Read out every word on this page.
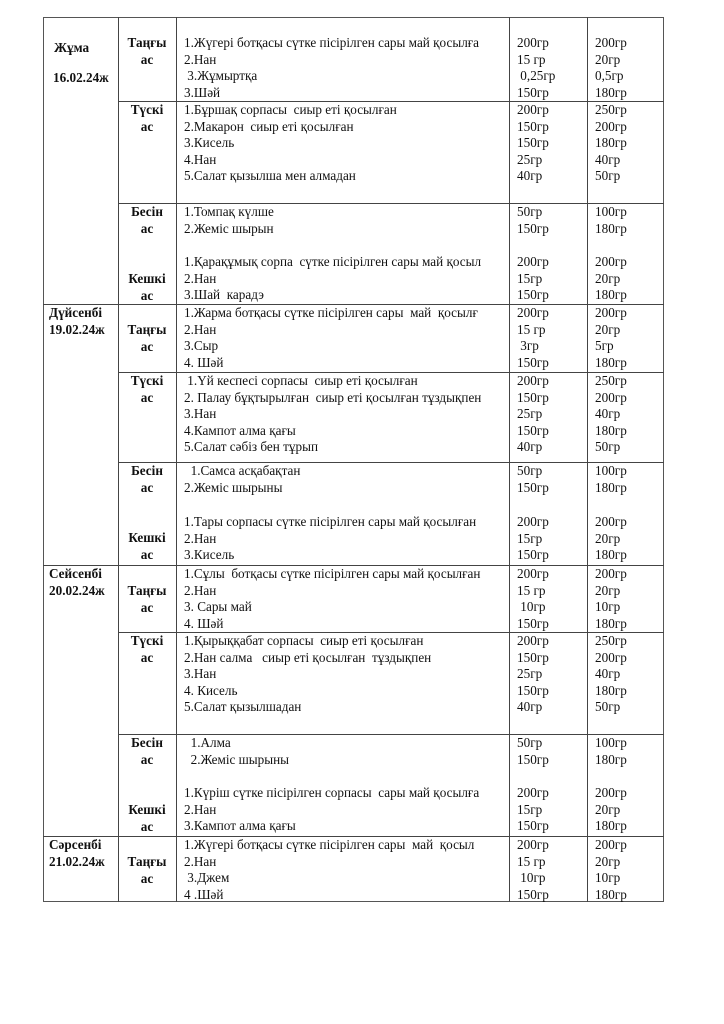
Жұма
16.02.24ж
Таңғы
ас
1.Жүгері ботқасы сүтке пісірілген сары май қосылға	200гр	200гр
2.Нан	15 гр	20гр
3.Жұмыртқа	0,25гр	0,5гр
3.Шәй	150гр	180гр
Түскі
ас
1.Бұршақ сорпасы  сиыр еті қосылған	200гр	250гр
2.Макарон  сиыр еті қосылған	150гр	200гр
3.Кисель	150гр	180гр
4.Нан	25гр	40гр
5.Салат қызылша мен алмадан	40гр	50гр
Бесін
ас
1.Томпақ күлше	50гр	100гр
2.Жеміс шырын	150гр	180гр
Кешкі
ас
1.Қарақұмық сорпа  сүтке пісірілген сары май қосыл	200гр	200гр
2.Нан	15гр	20гр
3.Шай  карадэ	150гр	180гр
Дүйсенбі
19.02.24ж	Таңғы
ас
1.Жарма ботқасы сүтке пісірілген сары  май  қосылғ	200гр	200гр
2.Нан	15 гр	20гр
3.Сыр	3гр	5гр
4. Шәй	150гр	180гр
Түскі
ас
1.Үй кеспесі сорпасы  сиыр еті қосылған	200гр	250гр
2. Палау бұқтырылған  сиыр еті қосылған тұздықпен	150гр	200гр
3.Нан	25гр	40гр
4.Кампот алма қағы	150гр	180гр
5.Салат сәбіз бен тұрып	40гр	50гр
Бесін
ас
1.Самса асқабақтан	50гр	100гр
2.Жеміс шырыны	150гр	180гр
Кешкі
ас
1.Тары сорпасы сүтке пісірілген сары май қосылған	200гр	200гр
2.Нан	15гр	20гр
3.Кисель	150гр	180гр
Сейсенбі
20.02.24ж	Таңғы
ас
1.Сұлы  ботқасы сүтке пісірілген сары май қосылған	200гр	200гр
2.Нан	15 гр	20гр
3. Сары май	10гр	10гр
4. Шәй	150гр	180гр
Түскі
ас
1.Қырыққабат сорпасы  сиыр еті қосылған	200гр	250гр
2.Нан салма   сиыр еті қосылған  тұздықпен	150гр	200гр
3.Нан	25гр	40гр
4. Кисель	150гр	180гр
5.Салат қызылшадан	40гр	50гр
Бесін
ас
1.Алма	50гр	100гр
2.Жеміс шырыны	150гр	180гр
Кешкі
ас
1.Күріш сүтке пісірілген сорпасы  сары май қосылға	200гр	200гр
2.Нан	15гр	20гр
3.Кампот алма қағы	150гр	180гр
Сәрсенбі
21.02.24ж	Таңғы
ас
1.Жүгері ботқасы сүтке пісірілген сары  май  қосыл	200гр	200гр
2.Нан	15 гр	20гр
3.Джем	10гр	10гр
4 .Шәй	150гр	180гр
